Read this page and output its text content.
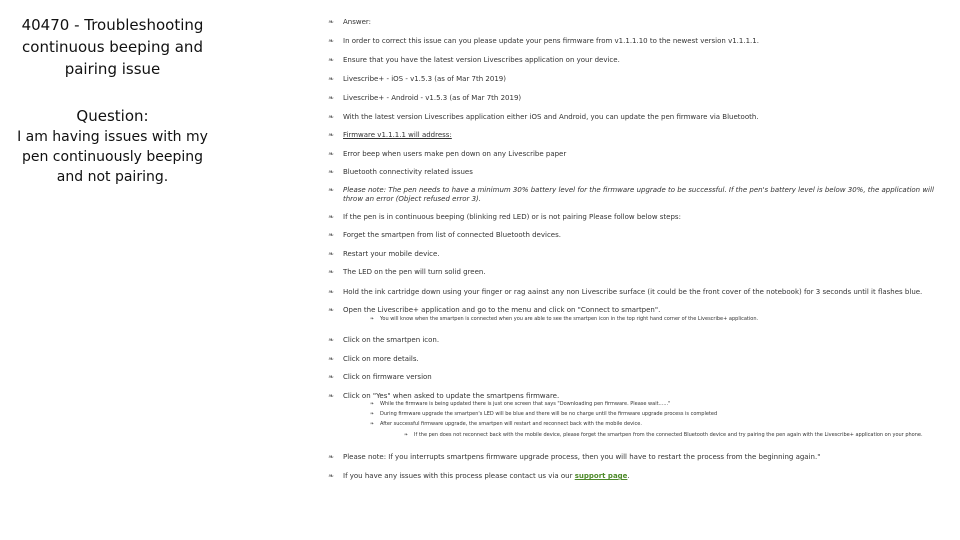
40470 - Troubleshooting continuous beeping and pairing issue
Question:
I am having issues with my pen continuously beeping and not pairing.
❧	Answer:
❧	In order to correct this issue can you please update your pens firmware from v1.1.1.10 to the newest version v1.1.1.1.
❧	Ensure that you have the latest version Livescribes application on your device.
❧	Livescribe+ - iOS - v1.5.3 (as of Mar 7th 2019)
❧	Livescribe+ - Android - v1.5.3 (as of Mar 7th 2019)
❧	With the latest version Livescribes application either iOS and Android, you can update the pen firmware via Bluetooth.
❧	Firmware v1.1.1.1 will address:
❧	Error beep when users make pen down on any Livescribe paper
❧	Bluetooth connectivity related issues
❧	Please note: The pen needs to have a minimum 30% battery level for the firmware upgrade to be successful. If the pen's battery level is below 30%, the application will throw an error (Object refused error 3).
❧	If the pen is in continuous beeping (blinking red LED) or is not pairing Please follow below steps:
❧	Forget the smartpen from list of connected Bluetooth devices.
❧	Restart your mobile device.
❧	The LED on the pen will turn solid green.
❧	Hold the ink cartridge down using your finger or rag aainst any non Livescribe surface (it could be the front cover of the notebook) for 3 seconds until it flashes blue.
❧	Open the Livescribe+ application and go to the menu and click on "Connect to smartpen".
❧	You will know when the smartpen is connected when you are able to see the smartpen icon in the top right hand corner of the Livescribe+ application.
❧	Click on the smartpen icon.
❧	Click on more details.
❧	Click on firmware version
❧	Click on "Yes" when asked to update the smartpens firmware.
❧	While the firmware is being updated there is just one screen that says "Downloading pen firmware. Please wait......"
❧	During firmware upgrade the smartpen's LED will be blue and there will be no charge until the firmware upgrade process is completed
❧	After successful firmware upgrade, the smartpen will restart and reconnect back with the mobile device.
❧	If the pen does not reconnect back with the mobile device, please forget the smartpen from the connected Bluetooth device and try pairing the pen again with the Livescribe+ application on your phone.
❧	Please note: If you interrupts smartpens firmware upgrade process, then you will have to restart the process from the beginning again."
❧	If you have any issues with this process please contact us via our support page.
